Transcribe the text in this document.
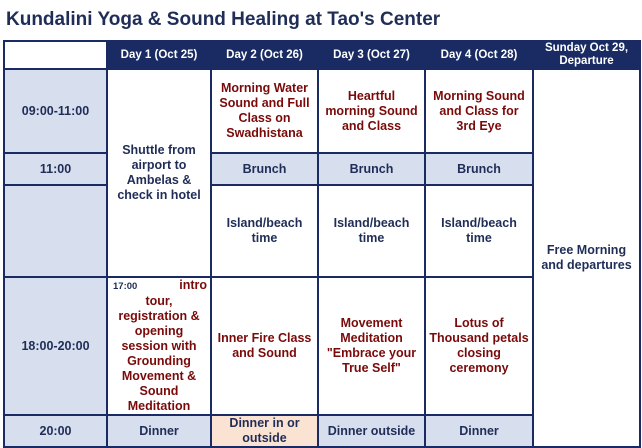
Kundalini Yoga & Sound Healing at Tao's Center
	Day 1 (Oct 25)	Day 2 (Oct 26)	Day 3 (Oct 27)	Day 4 (Oct 28)	Sunday Oct 29,
Departure
09:00-11:00	Shuttle from airport to Ambelas & check in hotel	Morning Water Sound and Full Class on Swadhistana	Heartful morning Sound and Class	Morning Sound and Class for 3rd Eye	Free Morning and departures
11:00		Brunch	Brunch	Brunch	
		Island/beach time	Island/beach time	Island/beach time	
18:00-20:00	17:00 intro
tour, registration & opening session with Grounding Movement & Sound Meditation	Inner Fire Class and Sound	Movement Meditation "Embrace your True Self"	Lotus of Thousand petals closing ceremony	
20:00	Dinner	Dinner in or outside	Dinner outside	Dinner	
